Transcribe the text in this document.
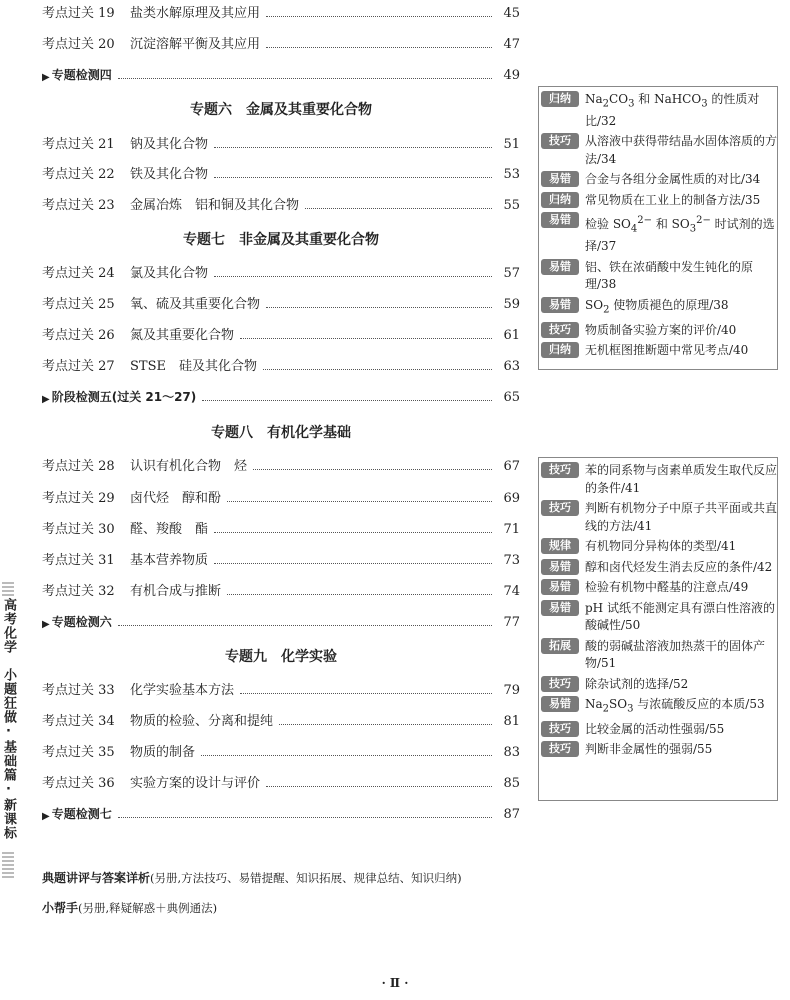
考点过关 19	盐类水解原理及其应用	45
考点过关 20	沉淀溶解平衡及其应用	47
▶ 专题检测四	49
专题六　金属及其重要化合物
考点过关 21	钠及其化合物	51
考点过关 22	铁及其化合物	53
考点过关 23	金属冶炼　铝和铜及其化合物	55
专题七　非金属及其重要化合物
考点过关 24	氯及其化合物	57
考点过关 25	氧、硫及其重要化合物	59
考点过关 26	氮及其重要化合物	61
考点过关 27	STSE　硅及其化合物	63
▶ 阶段检测五(过关 21～27)	65
专题八　有机化学基础
考点过关 28	认识有机化合物　烃	67
考点过关 29	卤代烃　醇和酚	69
考点过关 30	醛、羧酸　酯	71
考点过关 31	基本营养物质	73
考点过关 32	有机合成与推断	74
▶ 专题检测六	77
专题九　化学实验
考点过关 33	化学实验基本方法	79
考点过关 34	物质的检验、分离和提纯	81
考点过关 35	物质的制备	83
考点过关 36	实验方案的设计与评价	85
▶ 专题检测七	87
归纳	$Na_2CO_3$ 和 NaHCO$_3$ 的性质对比/32
技巧	从溶液中获得带结晶水固体溶质的方法/34
易错	合金与各组分金属性质的对比/34
归纳	常见物质在工业上的制备方法/35
易错	检验 $SO_4^{2-}$ 和 $SO_3^{2-}$ 时试剂的选择/37
易错	铝、铁在浓硝酸中发生钝化的原理/38
易错	$SO_2$ 使物质褪色的原理/38
技巧	物质制备实验方案的评价/40
归纳	无机框图推断题中常见考点/40
技巧	苯的同系物与卤素单质发生取代反应的条件/41
技巧	判断有机物分子中原子共平面或共直线的方法/41
规律	有机物同分异构体的类型/41
易错	醇和卤代烃发生消去反应的条件/42
易错	检验有机物中醛基的注意点/49
易错	pH 试纸不能测定具有漂白性溶液的酸碱性/50
拓展	酸的弱碱盐溶液加热蒸干的固体产物/51
技巧	除杂试剂的选择/52
易错	$Na_2SO_3$ 与浓硫酸反应的本质/53
技巧	比较金属的活动性强弱/55
技巧	判断非金属性的强弱/55
高考化学　小题狂做·基础篇·新课标
典题讲评与答案详析(另册,方法技巧、易错提醒、知识拓展、规律总结、知识归纳)
小帮手(另册,释疑解惑＋典例通法)
· Ⅱ ·
